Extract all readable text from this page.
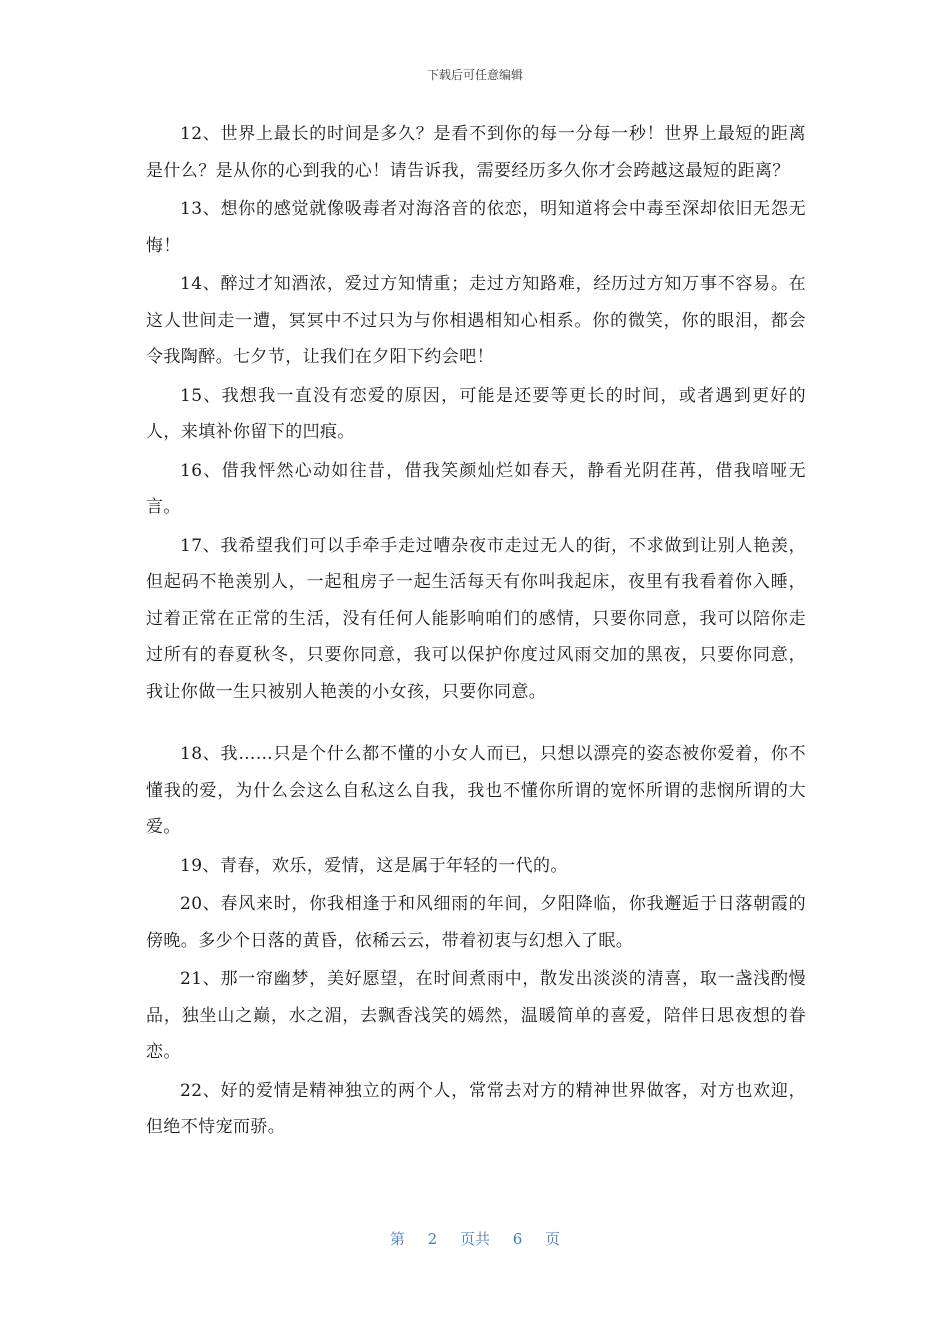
下载后可任意编辑

12、世界上最长的时间是多久？是看不到你的每一分每一秒！世界上最短的距离是什么？是从你的心到我的心！请告诉我，需要经历多久你才会跨越这最短的距离？

13、想你的感觉就像吸毒者对海洛音的依恋，明知道将会中毒至深却依旧无怨无悔！

14、醉过才知酒浓，爱过方知情重；走过方知路难，经历过方知万事不容易。在这人世间走一遭，冥冥中不过只为与你相遇相知心相系。你的微笑，你的眼泪，都会令我陶醉。七夕节，让我们在夕阳下约会吧！

15、我想我一直没有恋爱的原因，可能是还要等更长的时间，或者遇到更好的人，来填补你留下的凹痕。

16、借我怦然心动如往昔，借我笑颜灿烂如春天，静看光阴荏苒，借我喑哑无言。

17、我希望我们可以手牵手走过嘈杂夜市走过无人的街，不求做到让别人艳羡，但起码不艳羡别人，一起租房子一起生活每天有你叫我起床，夜里有我看着你入睡，过着正常在正常的生活，没有任何人能影响咱们的感情，只要你同意，我可以陪你走过所有的春夏秋冬，只要你同意，我可以保护你度过风雨交加的黑夜，只要你同意，我让你做一生只被别人艳羡的小女孩，只要你同意。

18、我……只是个什么都不懂的小女人而已，只想以漂亮的姿态被你爱着，你不懂我的爱，为什么会这么自私这么自我，我也不懂你所谓的宽怀所谓的悲悯所谓的大爱。

19、青春，欢乐，爱情，这是属于年轻的一代的。

20、春风来时，你我相逢于和风细雨的年间，夕阳降临，你我邂逅于日落朝霞的傍晚。多少个日落的黄昏，依稀云云，带着初衷与幻想入了眠。

21、那一帘幽梦，美好愿望，在时间煮雨中，散发出淡淡的清喜，取一盏浅酌慢品，独坐山之巅，水之湄，去飘香浅笑的嫣然，温暖简单的喜爱，陪伴日思夜想的眷恋。

22、好的爱情是精神独立的两个人，常常去对方的精神世界做客，对方也欢迎，但绝不恃宠而骄。

第 2 页共 6 页
